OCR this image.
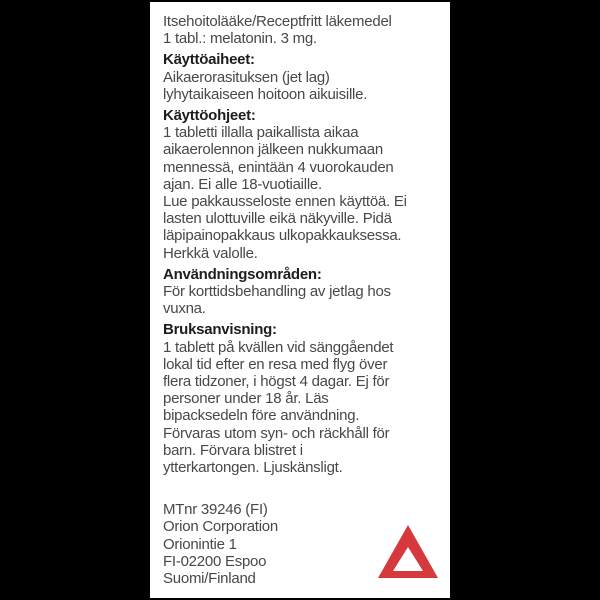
Itsehoitolääke/Receptfritt läkemedel
1 tabl.: melatonin. 3 mg.
Käyttöaiheet:
Aikaerorasituksen (jet lag)
lyhytaikaiseen hoitoon aikuisille.
Käyttöohjeet:
1 tabletti illalla paikallista aikaa
aikaerolennon jälkeen nukkumaan
mennessä, enintään 4 vuorokauden
ajan. Ei alle 18-vuotiaille.
Lue pakkausseloste ennen käyttöä. Ei
lasten ulottuville eikä näkyville. Pidä
läpipainopakkaus ulkopakkauksessa.
Herkkä valolle.
Användningsområden:
För korttidsbehandling av jetlag hos
vuxna.
Bruksanvisning:
1 tablett på kvällen vid sänggåendet
lokal tid efter en resa med flyg över
flera tidzoner, i högst 4 dagar. Ej för
personer under 18 år. Läs
bipacksedeln före användning.
Förvaras utom syn- och räckhåll för
barn. Förvara blistret i
ytterkartongen. Ljuskänsligt.
MTnr 39246 (FI)
Orion Corporation
Orionintie 1
FI-02200 Espoo
Suomi/Finland
